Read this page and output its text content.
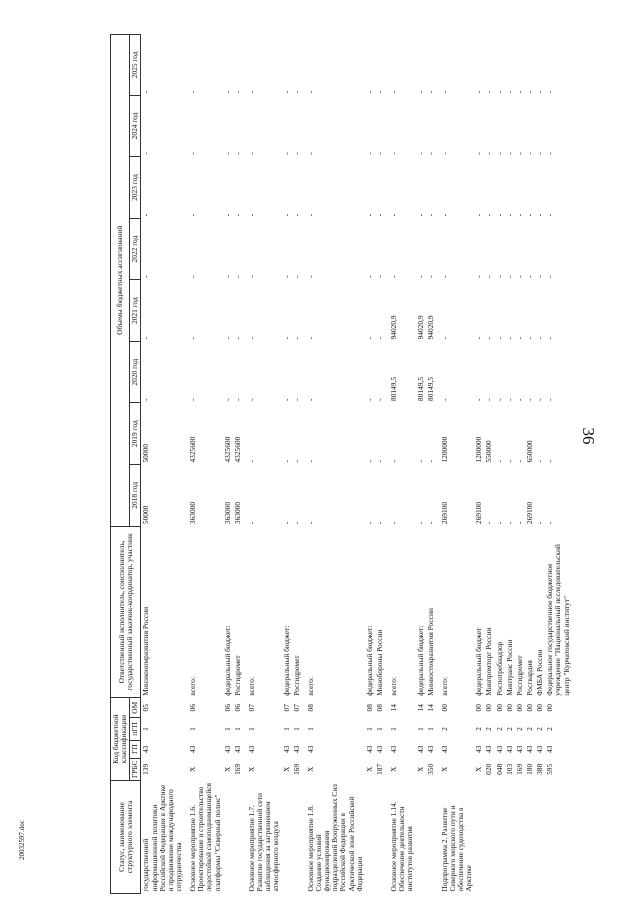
36
Статус, наименование структурного элемента	Код бюджетной классификации				Ответственный исполнитель, соисполнитель, государственный заказчик-координатор, участник	Объемы бюджетных ассигнований							
	ГРБС	ГП	пГП	ОМ		2018 год	2019 год	2020 год	2021 год	2022 год	2023 год	2024 год	2025 год
государственной информационной политики Российской Федерации в Арктике и продвижение международного сотрудничества	139	43	1	05	Минэкономразвития России	50000	50000	-	-	-	-	-	-
Основное мероприятие 1.6. Проектирование и строительство ледостойкой самоподнимающейся платформы "Северный полюс"	X	43	1	06	всего:	363000	4325600	-	-	-	-	-	-
	X	43	1	06	федеральный бюджет:	363000	4325600	-	-	-	-	-	-
	169	43	1	06	Росгидромет	363000	4325600	-	-	-	-	-	-
Основное мероприятие 1.7. Развитие государственной сети наблюдения за загрязнением атмосферного воздуха	X	43	1	07	всего:	-	-	-	-	-	-	-	-
	X	43	1	07	федеральный бюджет:	-	-	-	-	-	-	-	-
	169	43	1	07	Росгидромет	-	-	-	-	-	-	-	-
Основное мероприятие 1.8. Создание условий функционирования подразделений Вооруженных Сил Российской Федерации в Арктической зоне Российской Федерации	X	43	1	08	всего:	-	-	-	-	-	-	-	-
	X	43	1	08	федеральный бюджет:	-	-	-	-	-	-	-	-
	187	43	1	08	Минобороны России	-	-	-	-	-	-	-	-
Основное мероприятие 1.14. Обеспечение деятельности институтов развития	X	43	1	14	всего:	-	-	80149,5	94020,9	-	-	-	-
	X	43	1	14	федеральный бюджет:	-	-	80149,5	94020,9	-	-	-	-
	350	43	1	14	Минвостокразвития России	-	-	80149,5	94020,9	-	-	-	-
Подпрограмма 2. Развитие Северного морского пути и обеспечение судоходства в Арктике	X	43	2	00	всего:	269100	1200000	-	-	-	-	-	-
	X	43	2	00	федеральный бюджет	269100	1200000	-	-	-	-	-	-
	020	43	2	00	Минпромторг России	-	550000	-	-	-	-	-	-
	048	43	2	00	Роспотребнадзор	-	-	-	-	-	-	-	-
	103	43	2	00	Минтранс России	-	-	-	-	-	-	-	-
	169	43	2	00	Росгидромет	-	-	-	-	-	-	-	-
	180	43	2	00	Росгвардия	269100	650000	-	-	-	-	-	-
	388	43	2	00	ФМБА России	-	-	-	-	-	-	-	-
	595	43	2	00	Федеральное государственное бюджетное учреждение "Национальный исследовательский центр "Курчатовский институт"	-	-	-	-	-	-	-	-
20032597.doc
